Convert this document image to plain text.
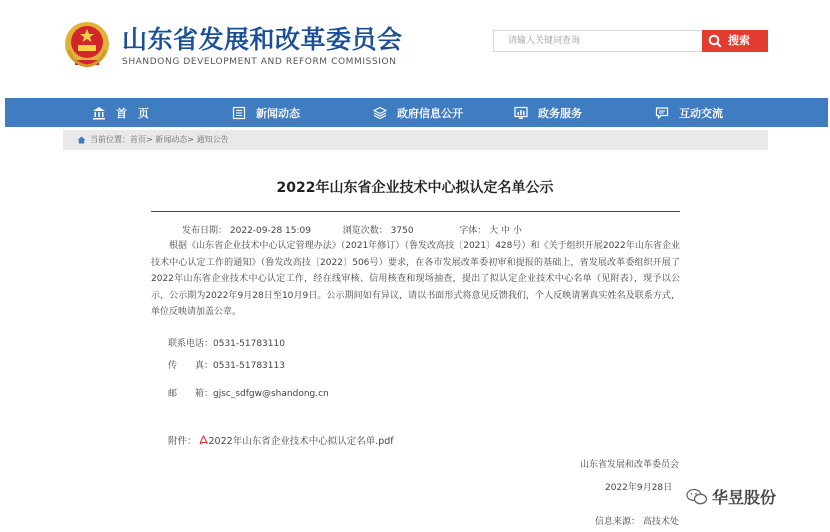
山东省发展和改革委员会
SHANDONG DEVELOPMENT AND REFORM COMMISSION
请输入关键词查询	搜索
首　页	新闻动态	政府信息公开	政务服务	互动交流
当前位置：首页> 新闻动态> 通知公告
2022年山东省企业技术中心拟认定名单公示
发布日期： 2022-09-28 15:09	浏览次数： 3750	字体： 大 中 小
根据《山东省企业技术中心认定管理办法》（2021年修订）（鲁发改高技〔2021〕428号）和《关于组织开展2022年山东省企业技术中心认定工作的通知》（鲁发改高技〔2022〕506号）要求，在各市发展改革委初审和提报的基础上，省发展改革委组织开展了2022年山东省企业技术中心认定工作，经在线审核、信用核查和现场抽查，提出了拟认定企业技术中心名单（见附表），现予以公示，公示期为2022年9月28日至10月9日。公示期间如有异议，请以书面形式将意见反馈我们，个人反映请署真实姓名及联系方式，单位反映请加盖公章。
联系电话：0531-51783110
传　　真：0531-51783113
邮　　箱：gjsc_sdfgw@shandong.cn
附件： 2022年山东省企业技术中心拟认定名单.pdf
山东省发展和改革委员会
2022年9月28日
信息来源： 高技术处
华昱股份
